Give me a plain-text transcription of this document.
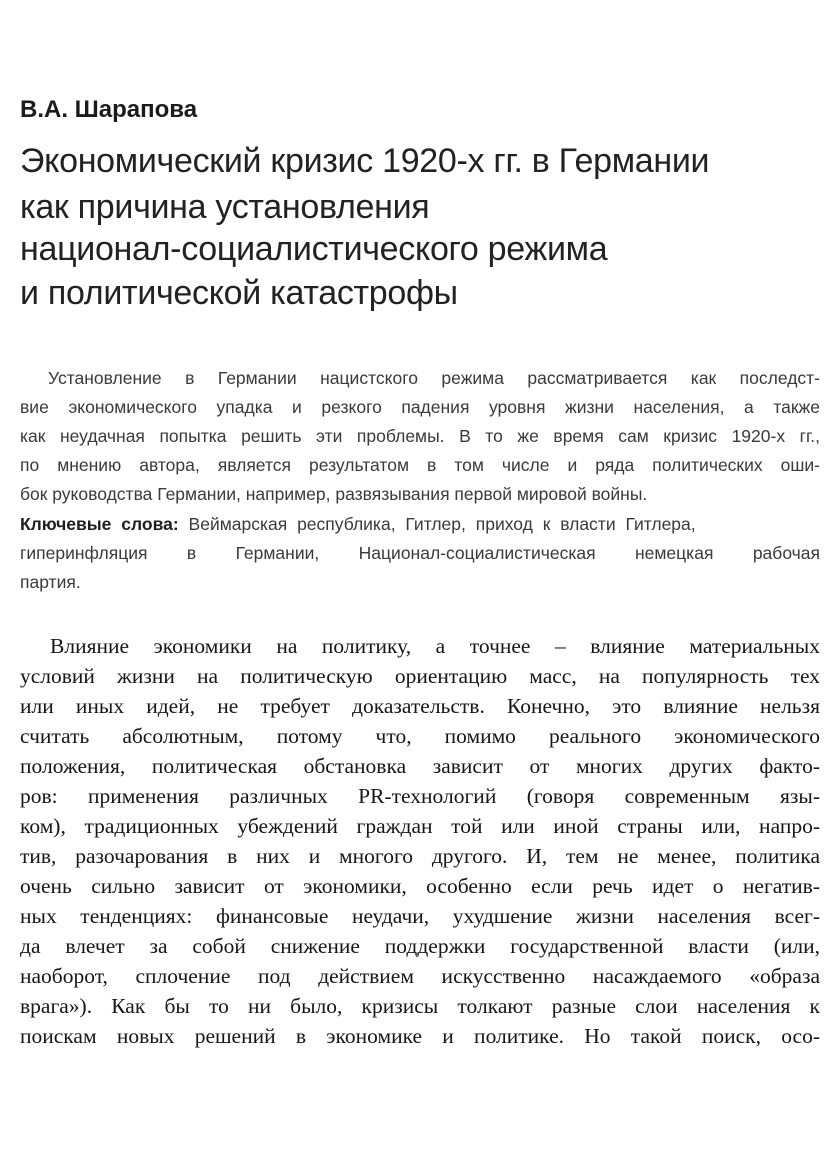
В.А. Шарапова
Экономический кризис 1920-х гг. в Германии
как причина установления
национал-социалистического режима
и политической катастрофы
Установление в Германии нацистского режима рассматривается как последст-
вие экономического упадка и резкого падения уровня жизни населения, а также
как неудачная попытка решить эти проблемы. В то же время сам кризис 1920-х гг.,
по мнению автора, является результатом в том числе и ряда политических оши-
бок руководства Германии, например, развязывания первой мировой войны.
Ключевые слова: Веймарская республика, Гитлер, приход к власти Гитлера,
гиперинфляция в Германии, Национал-социалистическая немецкая рабочая
партия.
Влияние экономики на политику, а точнее – влияние материальных
условий жизни на политическую ориентацию масс, на популярность тех
или иных идей, не требует доказательств. Конечно, это влияние нельзя
считать абсолютным, потому что, помимо реального экономического
положения, политическая обстановка зависит от многих других факто-
ров: применения различных PR-технологий (говоря современным язы-
ком), традиционных убеждений граждан той или иной страны или, напро-
тив, разочарования в них и многого другого. И, тем не менее, политика
очень сильно зависит от экономики, особенно если речь идет о негатив-
ных тенденциях: финансовые неудачи, ухудшение жизни населения всег-
да влечет за собой снижение поддержки государственной власти (или,
наоборот, сплочение под действием искусственно насаждаемого «образа
врага»). Как бы то ни было, кризисы толкают разные слои населения к
поискам новых решений в экономике и политике. Но такой поиск, осо-
